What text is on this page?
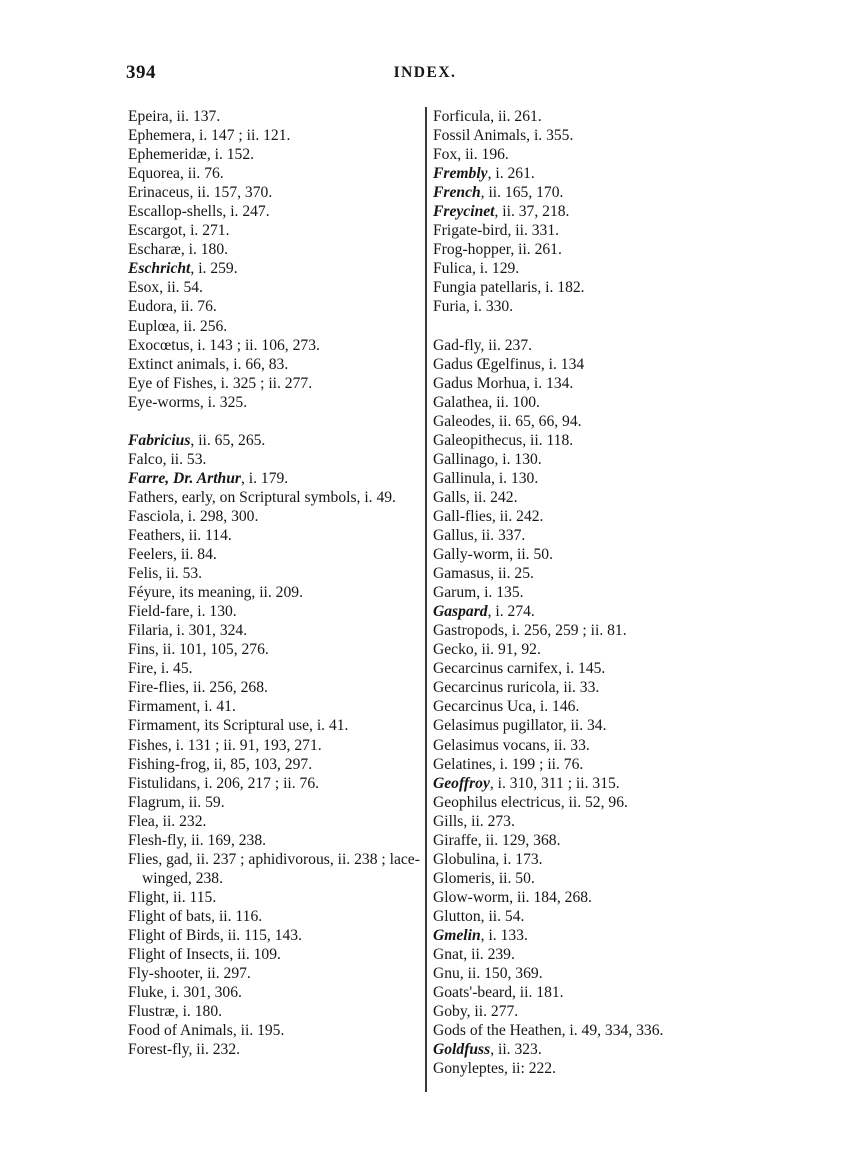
394	INDEX.
Epeira, ii. 137.
Ephemera, i. 147 ; ii. 121.
Ephemeridæ, i. 152.
Equorea, ii. 76.
Erinaceus, ii. 157, 370.
Escallop-shells, i. 247.
Escargot, i. 271.
Escharæ, i. 180.
Eschricht, i. 259.
Esox, ii. 54.
Eudora, ii. 76.
Euplœa, ii. 256.
Exocœtus, i. 143 ; ii. 106, 273.
Extinct animals, i. 66, 83.
Eye of Fishes, i. 325 ; ii. 277.
Eye-worms, i. 325.
Fabricius, ii. 65, 265.
Falco, ii. 53.
Farre, Dr. Arthur, i. 179.
Fathers, early, on Scriptural symbols, i. 49.
Fasciola, i. 298, 300.
Feathers, ii. 114.
Feelers, ii. 84.
Felis, ii. 53.
Féyure, its meaning, ii. 209.
Field-fare, i. 130.
Filaria, i. 301, 324.
Fins, ii. 101, 105, 276.
Fire, i. 45.
Fire-flies, ii. 256, 268.
Firmament, i. 41.
Firmament, its Scriptural use, i. 41.
Fishes, i. 131 ; ii. 91, 193, 271.
Fishing-frog, ii, 85, 103, 297.
Fistulidans, i. 206, 217 ; ii. 76.
Flagrum, ii. 59.
Flea, ii. 232.
Flesh-fly, ii. 169, 238.
Flies, gad, ii. 237 ; aphidivorous, ii. 238 ; lace-winged, 238.
Flight, ii. 115.
Flight of bats, ii. 116.
Flight of Birds, ii. 115, 143.
Flight of Insects, ii. 109.
Fly-shooter, ii. 297.
Fluke, i. 301, 306.
Flustræ, i. 180.
Food of Animals, ii. 195.
Forest-fly, ii. 232.
Forficula, ii. 261.
Fossil Animals, i. 355.
Fox, ii. 196.
Frembly, i. 261.
French, ii. 165, 170.
Freycinet, ii. 37, 218.
Frigate-bird, ii. 331.
Frog-hopper, ii. 261.
Fulica, i. 129.
Fungia patellaris, i. 182.
Furia, i. 330.
Gad-fly, ii. 237.
Gadus Œgelfinus, i. 134
Gadus Morhua, i. 134.
Galathea, ii. 100.
Galeodes, ii. 65, 66, 94.
Galeopithecus, ii. 118.
Gallinago, i. 130.
Gallinula, i. 130.
Galls, ii. 242.
Gall-flies, ii. 242.
Gallus, ii. 337.
Gally-worm, ii. 50.
Gamasus, ii. 25.
Garum, i. 135.
Gaspard, i. 274.
Gastropods, i. 256, 259 ; ii. 81.
Gecko, ii. 91, 92.
Gecarcinus carnifex, i. 145.
Gecarcinus ruricola, ii. 33.
Gecarcinus Uca, i. 146.
Gelasimus pugillator, ii. 34.
Gelasimus vocans, ii. 33.
Gelatines, i. 199 ; ii. 76.
Geoffroy, i. 310, 311 ; ii. 315.
Geophilus electricus, ii. 52, 96.
Gills, ii. 273.
Giraffe, ii. 129, 368.
Globulina, i. 173.
Glomeris, ii. 50.
Glow-worm, ii. 184, 268.
Glutton, ii. 54.
Gmelin, i. 133.
Gnat, ii. 239.
Gnu, ii. 150, 369.
Goats'-beard, ii. 181.
Goby, ii. 277.
Gods of the Heathen, i. 49, 334, 336.
Goldfuss, ii. 323.
Gonyleptes, ii: 222.
